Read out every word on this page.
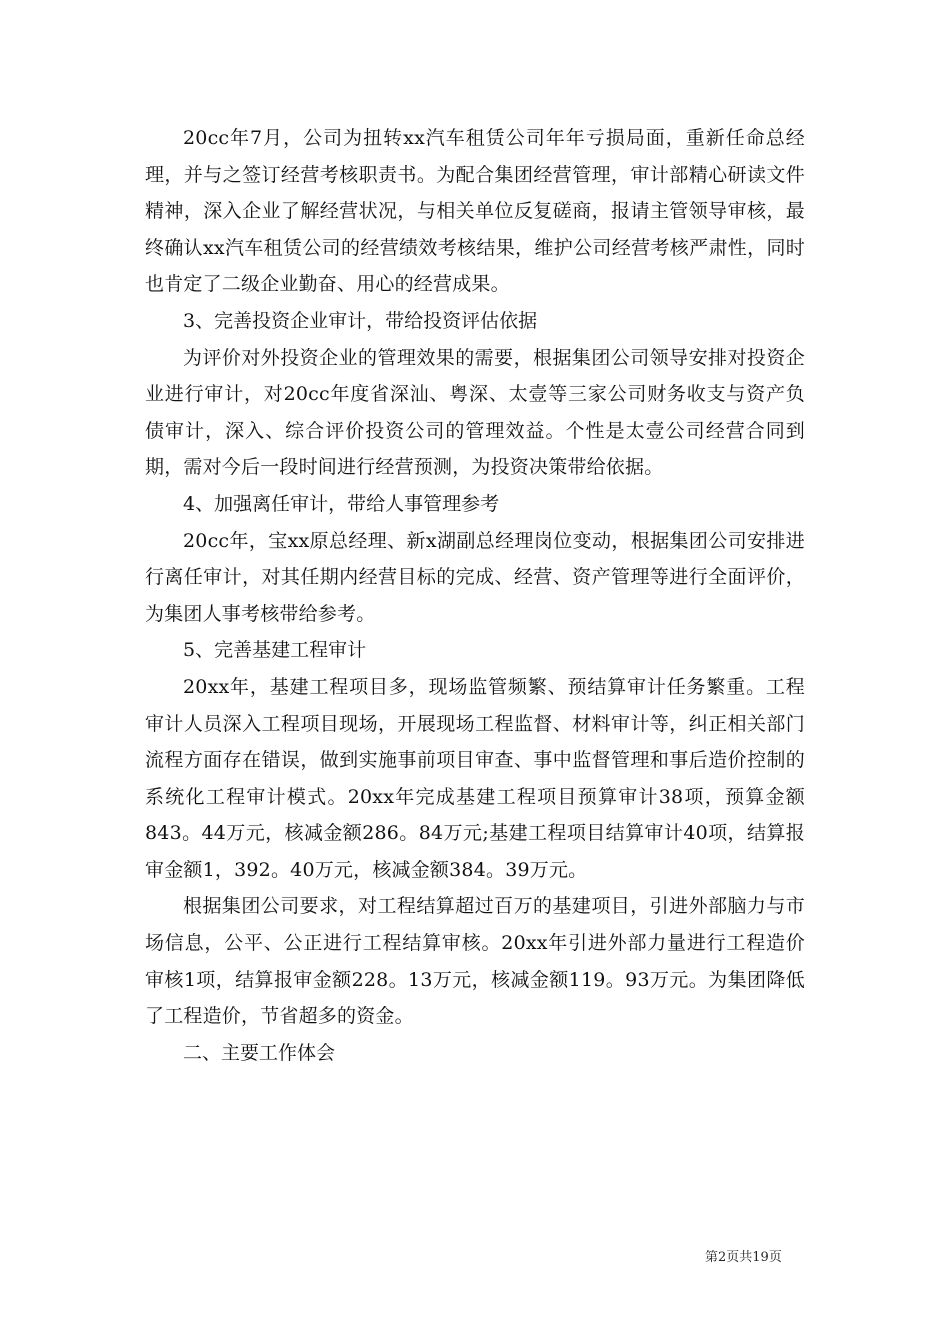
20cc年7月，公司为扭转xx汽车租赁公司年年亏损局面，重新任命总经理，并与之签订经营考核职责书。为配合集团经营管理，审计部精心研读文件精神，深入企业了解经营状况，与相关单位反复磋商，报请主管领导审核，最终确认xx汽车租赁公司的经营绩效考核结果，维护公司经营考核严肃性，同时也肯定了二级企业勤奋、用心的经营成果。

3、完善投资企业审计，带给投资评估依据

为评价对外投资企业的管理效果的需要，根据集团公司领导安排对投资企业进行审计，对20cc年度省深汕、粤深、太壹等三家公司财务收支与资产负债审计，深入、综合评价投资公司的管理效益。个性是太壹公司经营合同到期，需对今后一段时间进行经营预测，为投资决策带给依据。

4、加强离任审计，带给人事管理参考

20cc年，宝xx原总经理、新x湖副总经理岗位变动，根据集团公司安排进行离任审计，对其任期内经营目标的完成、经营、资产管理等进行全面评价，为集团人事考核带给参考。

5、完善基建工程审计

20xx年，基建工程项目多，现场监管频繁、预结算审计任务繁重。工程审计人员深入工程项目现场，开展现场工程监督、材料审计等，纠正相关部门流程方面存在错误，做到实施事前项目审查、事中监督管理和事后造价控制的系统化工程审计模式。20xx年完成基建工程项目预算审计38项，预算金额843。44万元，核减金额286。84万元;基建工程项目结算审计40项，结算报审金额1，392。40万元，核减金额384。39万元。

根据集团公司要求，对工程结算超过百万的基建项目，引进外部脑力与市场信息，公平、公正进行工程结算审核。20xx年引进外部力量进行工程造价审核1项，结算报审金额228。13万元，核减金额119。93万元。为集团降低了工程造价，节省超多的资金。

二、主要工作体会

第2页共19页
